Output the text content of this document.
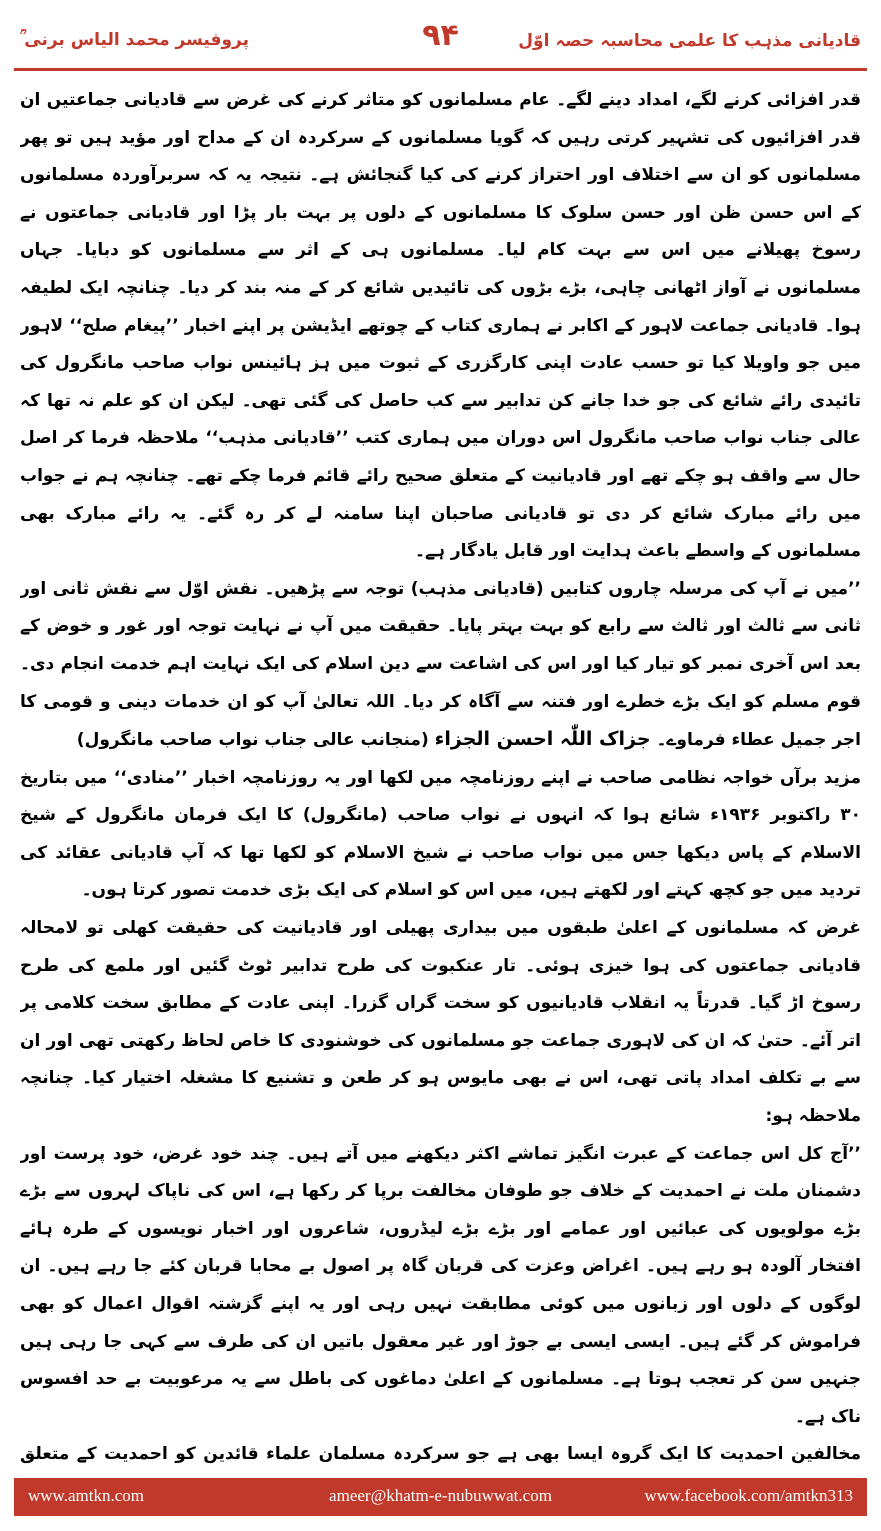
پروفیسر محمد الیاس برنی ؒ	۹۴	قادیانی مذہب کا علمی محاسبہ حصہ اوّل

قدر افزائی کرنے لگے، امداد دینے لگے۔ عام مسلمانوں کو متاثر کرنے کی غرض سے قادیانی جماعتیں ان قدر افزائیوں کی تشہیر کرتی رہیں کہ گویا مسلمانوں کے سرکردہ ان کے مداح اور مؤید ہیں تو پھر مسلمانوں کو ان سے اختلاف اور احتراز کرنے کی کیا گنجائش ہے۔ نتیجہ یہ کہ سربرآوردہ مسلمانوں کے اس حسن ظن اور حسن سلوک کا مسلمانوں کے دلوں پر بہت بار پڑا اور قادیانی جماعتوں نے رسوخ پھیلانے میں اس سے بہت کام لیا۔ مسلمانوں ہی کے اثر سے مسلمانوں کو دبایا۔ جہاں مسلمانوں نے آواز اٹھانی چاہی، بڑے بڑوں کی تائیدیں شائع کر کے منہ بند کر دیا۔ چنانچہ ایک لطیفہ ہوا۔ قادیانی جماعت لاہور کے اکابر نے ہماری کتاب کے چوتھے ایڈیشن پر اپنے اخبار ’’پیغام صلح‘‘ لاہور میں جو واویلا کیا تو حسب عادت اپنی کارگزری کے ثبوت میں ہز ہائینس نواب صاحب مانگرول کی تائیدی رائے شائع کی جو خدا جانے کن تدابیر سے کب حاصل کی گئی تھی۔ لیکن ان کو علم نہ تھا کہ عالی جناب نواب صاحب مانگرول اس دوران میں ہماری کتب ’’قادیانی مذہب‘‘ ملاحظہ فرما کر اصل حال سے واقف ہو چکے تھے اور قادیانیت کے متعلق صحیح رائے قائم فرما چکے تھے۔ چنانچہ ہم نے جواب میں رائے مبارک شائع کر دی تو قادیانی صاحبان اپنا سامنہ لے کر رہ گئے۔ یہ رائے مبارک بھی مسلمانوں کے واسطے باعث ہدایت اور قابل یادگار ہے۔

’’میں نے آپ کی مرسلہ چاروں کتابیں (قادیانی مذہب) توجہ سے پڑھیں۔ نقش اوّل سے نقش ثانی اور ثانی سے ثالث اور ثالث سے رابع کو بہت بہتر پایا۔ حقیقت میں آپ نے نہایت توجہ اور غور و خوض کے بعد اس آخری نمبر کو تیار کیا اور اس کی اشاعت سے دین اسلام کی ایک نہایت اہم خدمت انجام دی۔ قوم مسلم کو ایک بڑے خطرے اور فتنہ سے آگاہ کر دیا۔ اللہ تعالیٰ آپ کو ان خدمات دینی و قومی کا اجر جمیل عطاء فرماوے۔ جزاک اللّٰہ احسن الجزاء (منجانب عالی جناب نواب صاحب مانگرول)

مزید برآں خواجہ نظامی صاحب نے اپنے روزنامچہ میں لکھا اور یہ روزنامچہ اخبار ’’منادی‘‘ میں بتاریخ ۳۰ راکتوبر ۱۹۳۶ء شائع ہوا کہ انہوں نے نواب صاحب (مانگرول) کا ایک فرمان مانگرول کے شیخ الاسلام کے پاس دیکھا جس میں نواب صاحب نے شیخ الاسلام کو لکھا تھا کہ آپ قادیانی عقائد کی تردید میں جو کچھ کہتے اور لکھتے ہیں، میں اس کو اسلام کی ایک بڑی خدمت تصور کرتا ہوں۔

غرض کہ مسلمانوں کے اعلیٰ طبقوں میں بیداری پھیلی اور قادیانیت کی حقیقت کھلی تو لامحالہ قادیانی جماعتوں کی ہوا خیزی ہوئی۔ تار عنکبوت کی طرح تدابیر ٹوٹ گئیں اور ملمع کی طرح رسوخ اڑ گیا۔ قدرتاً یہ انقلاب قادیانیوں کو سخت گراں گزرا۔ اپنی عادت کے مطابق سخت کلامی پر اتر آئے۔ حتیٰ کہ ان کی لاہوری جماعت جو مسلمانوں کی خوشنودی کا خاص لحاظ رکھتی تھی اور ان سے بے تکلف امداد پاتی تھی، اس نے بھی مایوس ہو کر طعن و تشنیع کا مشغلہ اختیار کیا۔ چنانچہ ملاحظہ ہو:

’’آج کل اس جماعت کے عبرت انگیز تماشے اکثر دیکھنے میں آتے ہیں۔ چند خود غرض، خود پرست اور دشمنان ملت نے احمدیت کے خلاف جو طوفان مخالفت برپا کر رکھا ہے، اس کی ناپاک لہروں سے بڑے بڑے مولویوں کی عبائیں اور عمامے اور بڑے بڑے لیڈروں، شاعروں اور اخبار نویسوں کے طرہ ہائے افتخار آلودہ ہو رہے ہیں۔ اغراض وعزت کی قربان گاہ پر اصول بے محابا قربان کئے جا رہے ہیں۔ ان لوگوں کے دلوں اور زبانوں میں کوئی مطابقت نہیں رہی اور یہ اپنے گزشتہ اقوال اعمال کو بھی فراموش کر گئے ہیں۔ ایسی ایسی بے جوڑ اور غیر معقول باتیں ان کی طرف سے کہی جا رہی ہیں جنہیں سن کر تعجب ہوتا ہے۔ مسلمانوں کے اعلیٰ دماغوں کی باطل سے یہ مرعوبیت بے حد افسوس ناک ہے۔

مخالفین احمدیت کا ایک گروہ ایسا بھی ہے جو سرکردہ مسلمان علماء قائدین کو احمدیت کے متعلق

www.amtkn.com	ameer@khatm-e-nubuwwat.com	www.facebook.com/amtkn313
